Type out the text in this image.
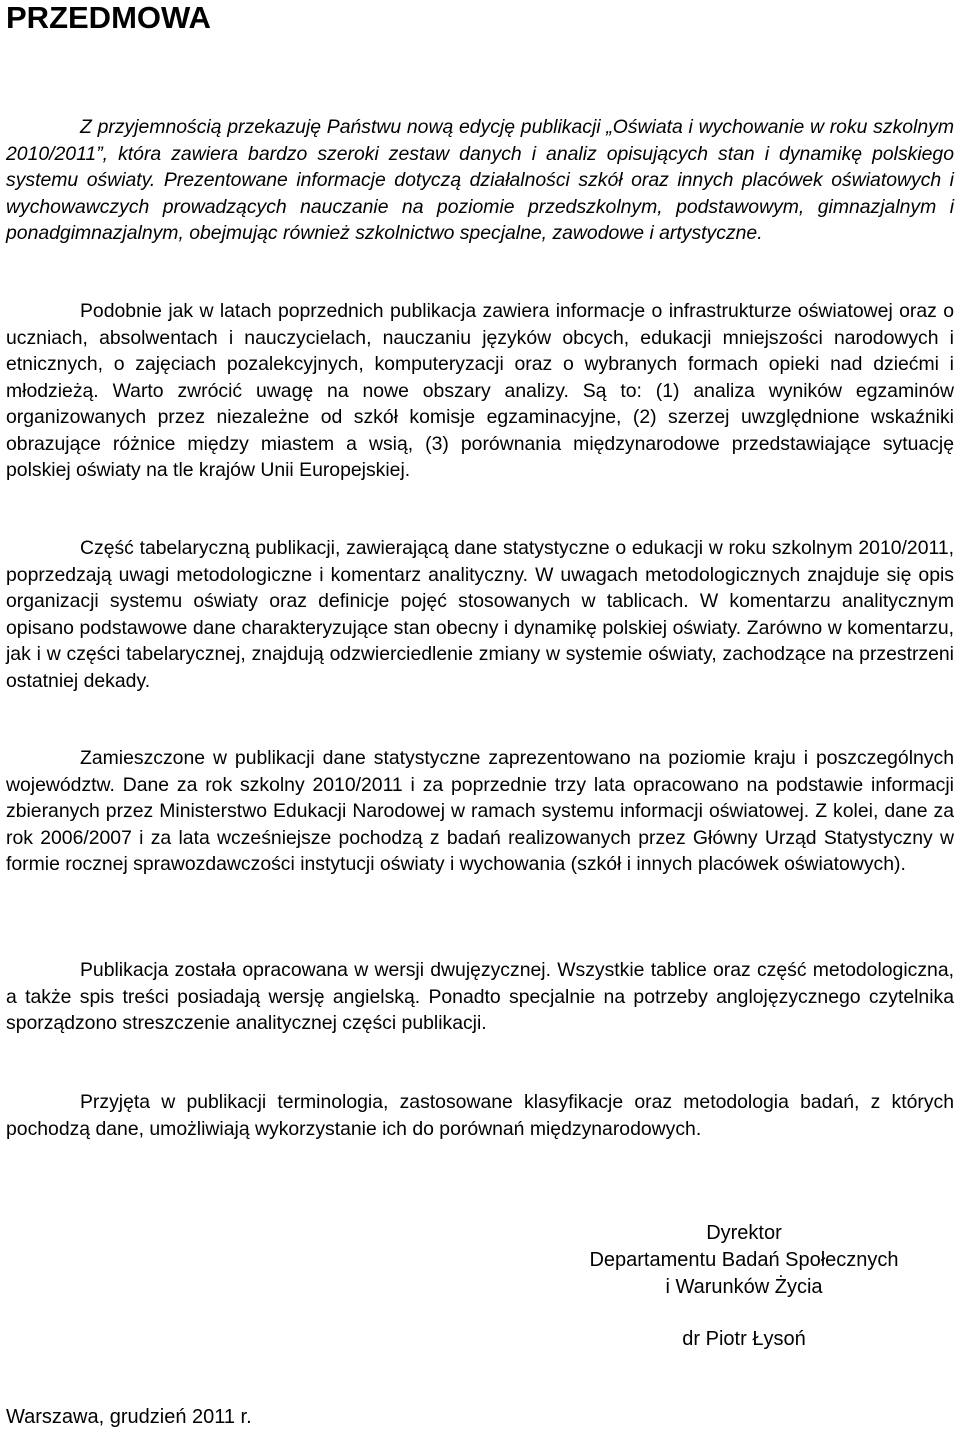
PRZEDMOWA

Z przyjemnością przekazuję Państwu nową edycję publikacji „Oświata i wychowanie w roku szkolnym 2010/2011”, która zawiera bardzo szeroki zestaw danych i analiz opisujących stan i dynamikę polskiego systemu oświaty. Prezentowane informacje dotyczą działalności szkół oraz innych placówek oświatowych i wychowawczych prowadzących nauczanie na poziomie przedszkolnym, podstawowym, gimnazjalnym i ponadgimnazjalnym, obejmując również szkolnictwo specjalne, zawodowe i artystyczne.

Podobnie jak w latach poprzednich publikacja zawiera informacje o infrastrukturze oświatowej oraz o uczniach, absolwentach i nauczycielach, nauczaniu języków obcych, edukacji mniejszości narodowych i etnicznych, o zajęciach pozalekcyjnych, komputeryzacji oraz o wybranych formach opieki nad dziećmi i młodzieżą. Warto zwrócić uwagę na nowe obszary analizy. Są to: (1) analiza wyników egzaminów organizowanych przez niezależne od szkół komisje egzaminacyjne, (2) szerzej uwzględnione wskaźniki obrazujące różnice między miastem a wsią, (3) porównania międzynarodowe przedstawiające sytuację polskiej oświaty na tle krajów Unii Europejskiej.

Część tabelaryczną publikacji, zawierającą dane statystyczne o edukacji w roku szkolnym 2010/2011, poprzedzają uwagi metodologiczne i komentarz analityczny. W uwagach metodologicznych znajduje się opis organizacji systemu oświaty oraz definicje pojęć stosowanych w tablicach. W komentarzu analitycznym opisano podstawowe dane charakteryzujące stan obecny i dynamikę polskiej oświaty. Zarówno w komentarzu, jak i w części tabelarycznej, znajdują odzwierciedlenie zmiany w systemie oświaty, zachodzące na przestrzeni ostatniej dekady.

Zamieszczone w publikacji dane statystyczne zaprezentowano na poziomie kraju i poszczególnych województw. Dane za rok szkolny 2010/2011 i za poprzednie trzy lata opracowano na podstawie informacji zbieranych przez Ministerstwo Edukacji Narodowej w ramach systemu informacji oświatowej. Z kolei, dane za rok 2006/2007 i za lata wcześniejsze pochodzą z badań realizowanych przez Główny Urząd Statystyczny w formie rocznej sprawozdawczości instytucji oświaty i wychowania (szkół i innych placówek oświatowych).

Publikacja została opracowana w wersji dwujęzycznej. Wszystkie tablice oraz część metodologiczna, a także spis treści posiadają wersję angielską. Ponadto specjalnie na potrzeby anglojęzycznego czytelnika sporządzono streszczenie analitycznej części publikacji.

Przyjęta w publikacji terminologia, zastosowane klasyfikacje oraz metodologia badań, z których pochodzą dane, umożliwiają wykorzystanie ich do porównań międzynarodowych.

Dyrektor
Departamentu Badań Społecznych
i Warunków Życia
dr Piotr Łysoń

Warszawa, grudzień 2011 r.
